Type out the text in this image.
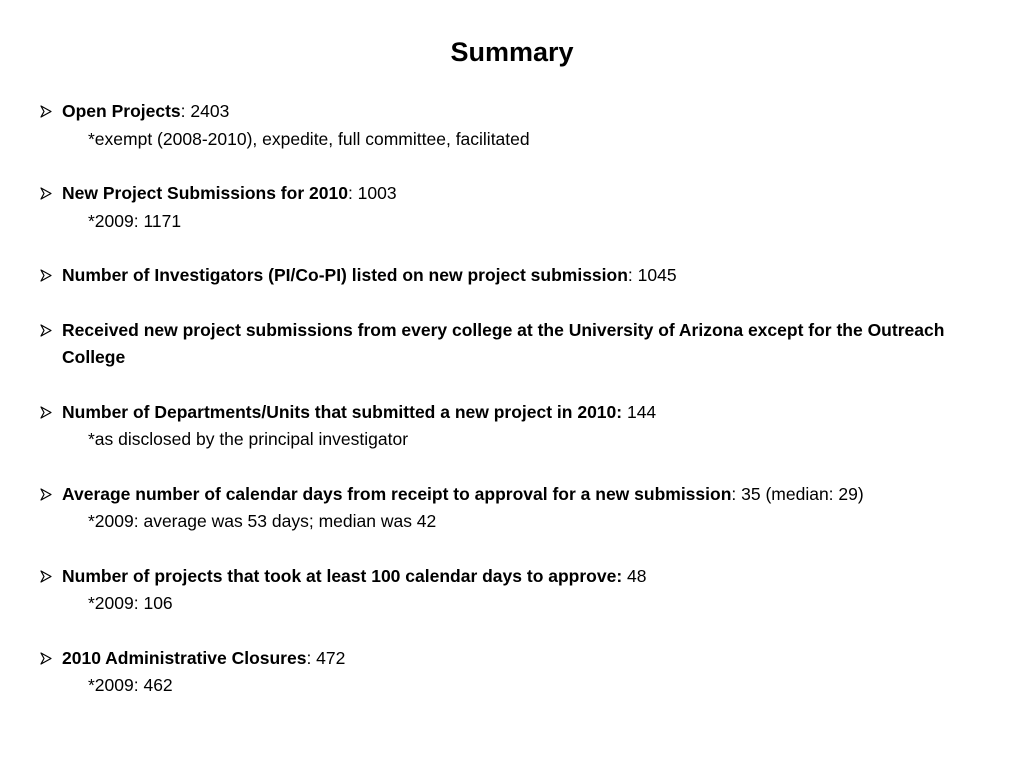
Summary
Open Projects: 2403
*exempt (2008-2010), expedite, full committee, facilitated
New Project Submissions for 2010: 1003
*2009: 1171
Number of Investigators (PI/Co-PI) listed on new project submission: 1045
Received new project submissions from every college at the University of Arizona except for the Outreach College
Number of Departments/Units that submitted a new project in 2010: 144
*as disclosed by the principal investigator
Average number of calendar days from receipt to approval for a new submission: 35 (median: 29)
*2009: average was 53 days; median was 42
Number of projects that took at least 100 calendar days to approve: 48
*2009: 106
2010 Administrative Closures: 472
*2009: 462
